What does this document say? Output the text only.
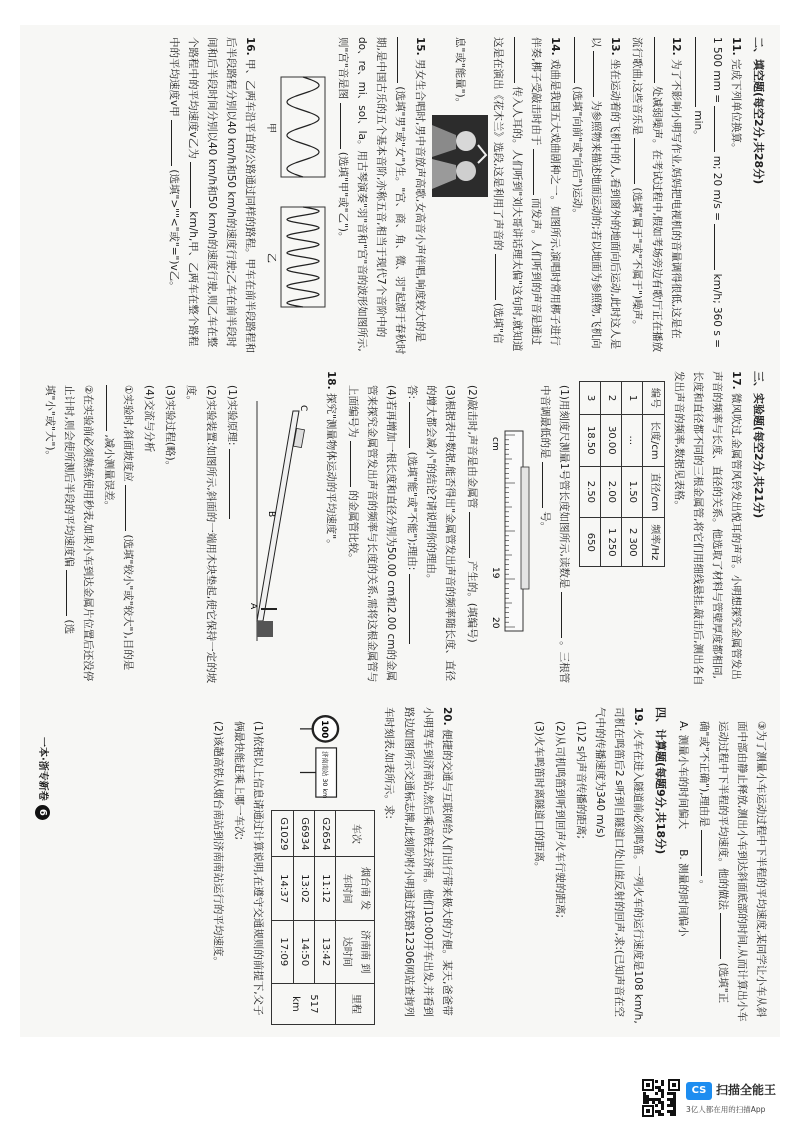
二、填空题(每空2分,共28分)
11. 完成下列单位换算。
1 500 mm =  m; 20 m/s =  km/h; 360 s =
min。
12. 为了不影响小明写作业,妈妈把电视机的音量调得很低,这是在  处减弱噪声。在考试过程中,假如考场旁边有歌厅正在播放流行歌曲,这些音乐是  (选填"属于"或"不属于")噪声。
13. 坐在运动着的飞机中的人,看到窗外的地面向后运动,此时这人是以  为参照物来描述地面运动的;若以地面为参照物,飞机向  (选填"向前"或"向后")运动。
14. 戏曲是我国五大戏曲剧种之一。如图所示,演唱时常用梆子进行伴奏,梆子受敲击时由于  而发声。人们听到的声音是通过  传入人耳的。人们听到"刘大哥讲话理太偏"这句时,就知道这是在演出《花木兰》选段,这是利用了声音的  (选填"信息"或"能量")。
15. 男女生合唱时,男中音放声高歌,女高音小声伴唱,响度较大的是  (选填"男"或"女")生。"宫、商、角、徵、羽"起源于春秋时期,是中国古乐的五个基本音阶,亦称五音,相当于现代7个音阶中的do、re、mi、sol、la。用古琴演奏"羽"音和"宫"音的波形如图所示,则"宫"音是图  (选填"甲"或"乙")。
甲
乙
16. 甲、乙两车沿平直的公路通过同样的路程。甲车在前半段路程和后半段路程分别以40 km/h和50 km/h的速度行驶;乙车在前半段时间和后半段时间分别以40 km/h和50 km/h的速度行驶,则乙车在整个路程中的平均速度v乙为  km/h,甲、乙两车在整个路程中的平均速度v甲  (选填">""<"或"=")v乙。
三、实验题(每空2分,共21分)
17. 微风吹过,金属管风铃发出悦耳的声音。小明想探究金属管发出声音的频率与长度、直径的关系。他选取了材料与管壁厚度都相同,长度和直径都不同的三根金属管,将它们用细线悬挂,敲击后,测出各自发出声音的频率,数据见表格。
编号	长度/cm	直径/cm	频率/Hz
1	...	1.50	2 300
2	30.00	2.00	1 250
3	18.50	2.50	650
(1)用刻度尺测量1号管长度如图所示,读数是  。三根管中音调最低的是  号。
cm
19
20
(2)敲击时,声音是由金属管  产生的。(填编号)
(3)根据表中数据,能否得出"金属管发出声音的频率随长度、直径的增大都会减小"的结论?请说明你的理由。
答:  (选填"能"或"不能");理由:
(4)若再增加一根长度和直径分别为50.00 cm和2.00 cm的金属管来探究金属管发出声音的频率与长度的关系,需将这根金属管与上面编号为  的金属管比较。
18. 探究"测量物体运动的平均速度"。
C
B
A
(1)实验原理:
(2)实验装置:如图所示,斜面的一端用木块垫起,使它保持一定的坡度。
(3)实验过程(略)。
(4)交流与分析
①实验时,斜面坡度应  (选填"较小"或"较大"),目的是  ,减小测量误差。
②在实验前必须熟练使用秒表,如果小车到达金属片位置后还没停止计时,则会使所测后半段的平均速度偏  (选填"小"或"大")。
③为了测量小车运动过程中下半程的平均速度,某同学让小车从斜面中部由静止释放,测出小车到达斜面底部的时间,从而计算出小车运动过程中下半程的平均速度。他的做法  (选填"正确"或"不正确"),理由是  。
A. 测量小车的时间偏大      B. 测量的时间偏小
四、计算题(每题9分,共18分)
19. 火车在进入隧道前必须鸣笛。一列火车的运行速度是108 km/h,司机在鸣笛后2 s听到自隧道口处山崖反射的回声,求:(已知声音在空气中的传播速度为340 m/s)
(1)2 s内声音传播的距离;
(2)从司机鸣笛到听到回声火车行驶的距离;
(3)火车鸣笛时离隧道口的距离。
20. 便捷的交通与互联网给人们出行带来极大的方便。某天,爸爸带小明驾车到济南站,然后乘高铁去济南。他们10:00开车出发,并看到路边如图所示交通标志牌,此刻吩咐小明通过铁路12306网站查询列车时刻表,如表所示。求:
100
济南南站 30 km
车次	烟台南 发车时间	济南南 到达时间	里程
G2654	11:12	13:42	517 km
G6934	13:02	14:50	
G1029	14:37	17:09	
(1)依据以上信息请通过计算说明,在遵守交通规则的前提下,父子俩最快能赶乘上哪一车次;
(2)该趟高铁从烟台南站到济南南站运行的平均速度。
一本·浙专新卷6
CS 扫描全能王
3亿人都在用的扫描App
